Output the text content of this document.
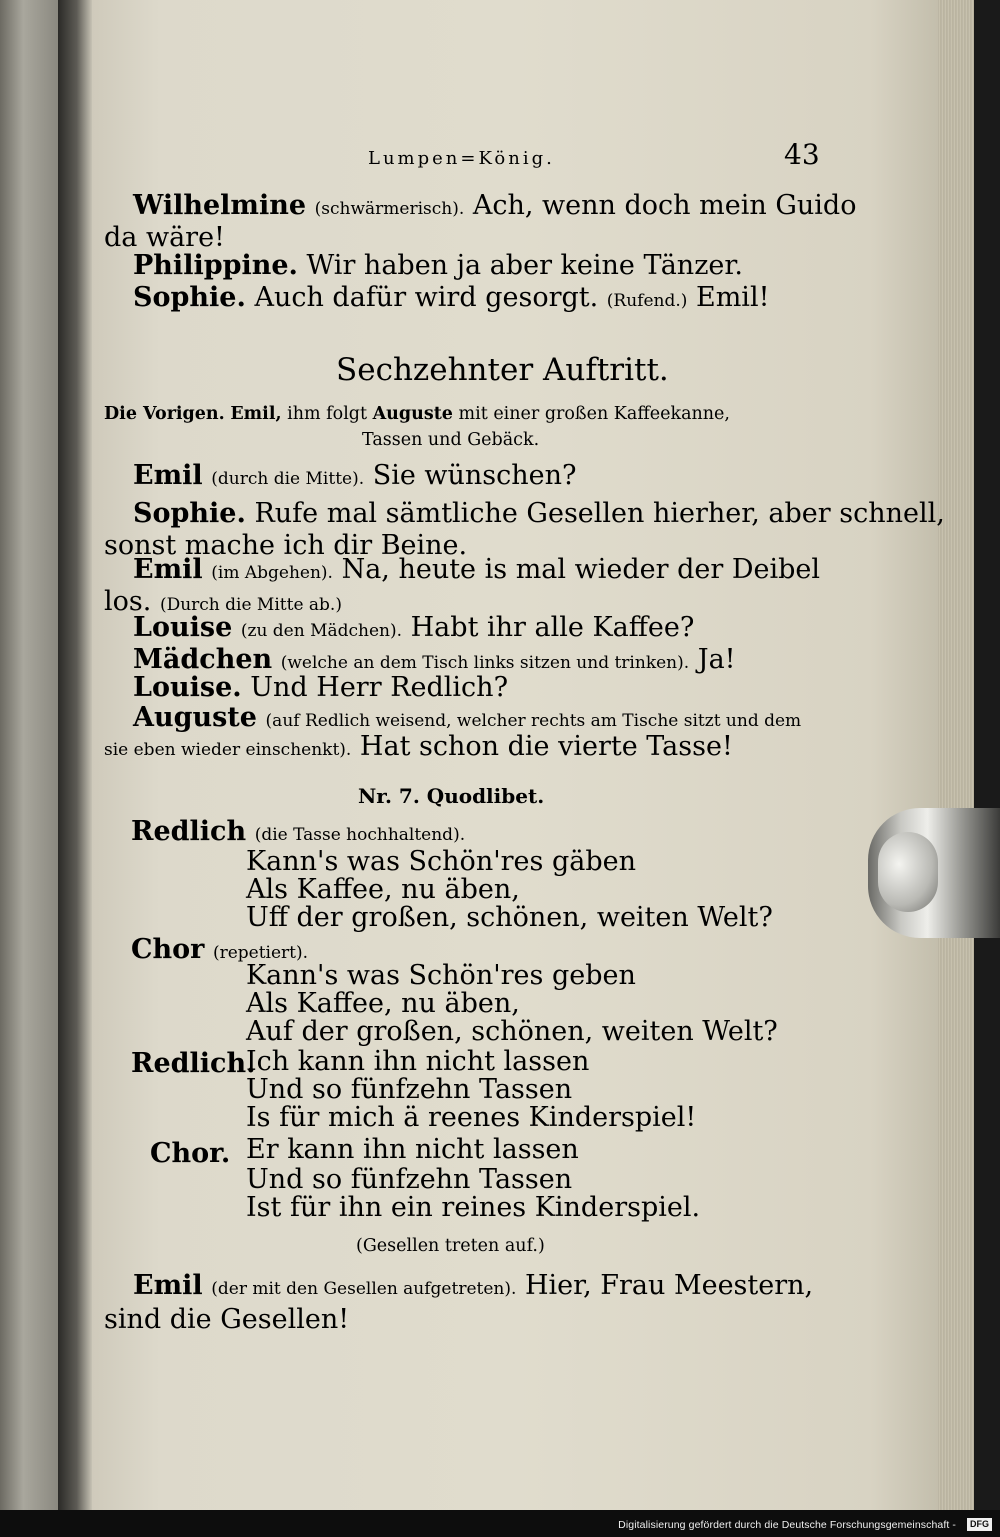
Lumpen=König.	43
Wilhelmine (schwärmerisch). Ach, wenn doch mein Guido
da wäre!
Philippine. Wir haben ja aber keine Tänzer.
Sophie. Auch dafür wird gesorgt. (Rufend.) Emil!
Sechzehnter Auftritt.
Die Vorigen. Emil, ihm folgt Auguste mit einer großen Kaffeekanne,
Tassen und Gebäck.
Emil (durch die Mitte). Sie wünschen?
Sophie. Rufe mal sämtliche Gesellen hierher, aber schnell,
sonst mache ich dir Beine.
Emil (im Abgehen). Na, heute is mal wieder der Deibel
los. (Durch die Mitte ab.)
Louise (zu den Mädchen). Habt ihr alle Kaffee?
Mädchen (welche an dem Tisch links sitzen und trinken). Ja!
Louise. Und Herr Redlich?
Auguste (auf Redlich weisend, welcher rechts am Tische sitzt und dem
sie eben wieder einschenkt). Hat schon die vierte Tasse!
Nr. 7. Quodlibet.
Redlich (die Tasse hochhaltend).
Kann's was Schön'res gäben
Als Kaffee, nu äben,
Uff der großen, schönen, weiten Welt?
Chor (repetiert).
Kann's was Schön'res geben
Als Kaffee, nu äben,
Auf der großen, schönen, weiten Welt?
Redlich.
Ich kann ihn nicht lassen
Und so fünfzehn Tassen
Is für mich ä reenes Kinderspiel!
Chor. Er kann ihn nicht lassen
Und so fünfzehn Tassen
Ist für ihn ein reines Kinderspiel.
(Gesellen treten auf.)
Emil (der mit den Gesellen aufgetreten). Hier, Frau Meestern,
sind die Gesellen!
Digitalisierung gefördert durch die Deutsche Forschungsgemeinschaft -	DFG
